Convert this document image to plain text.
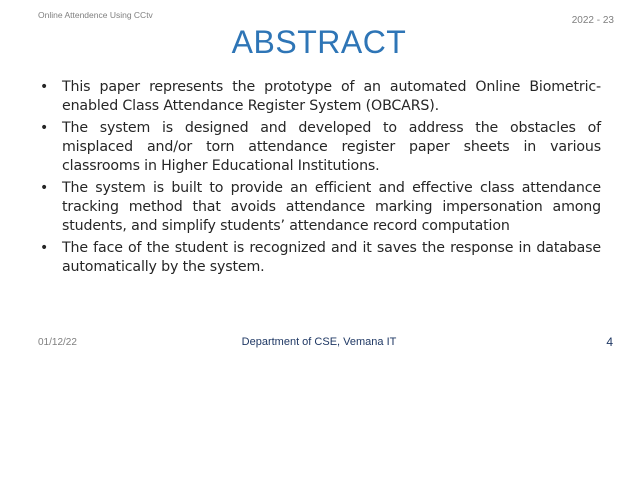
Online Attendence Using CCtv	2022 - 23
ABSTRACT
• This paper represents the prototype of an automated Online Biometric-enabled Class Attendance Register System (OBCARS).
• The system is designed and developed to address the obstacles of misplaced and/or torn attendance register paper sheets in various classrooms in Higher Educational Institutions.
• The system is built to provide an efficient and effective class attendance tracking method that avoids attendance marking impersonation among students, and simplify students’ attendance record computation
• The face of the student is recognized and it saves the response in database automatically by the system.
01/12/22	Department of CSE, Vemana IT	4
